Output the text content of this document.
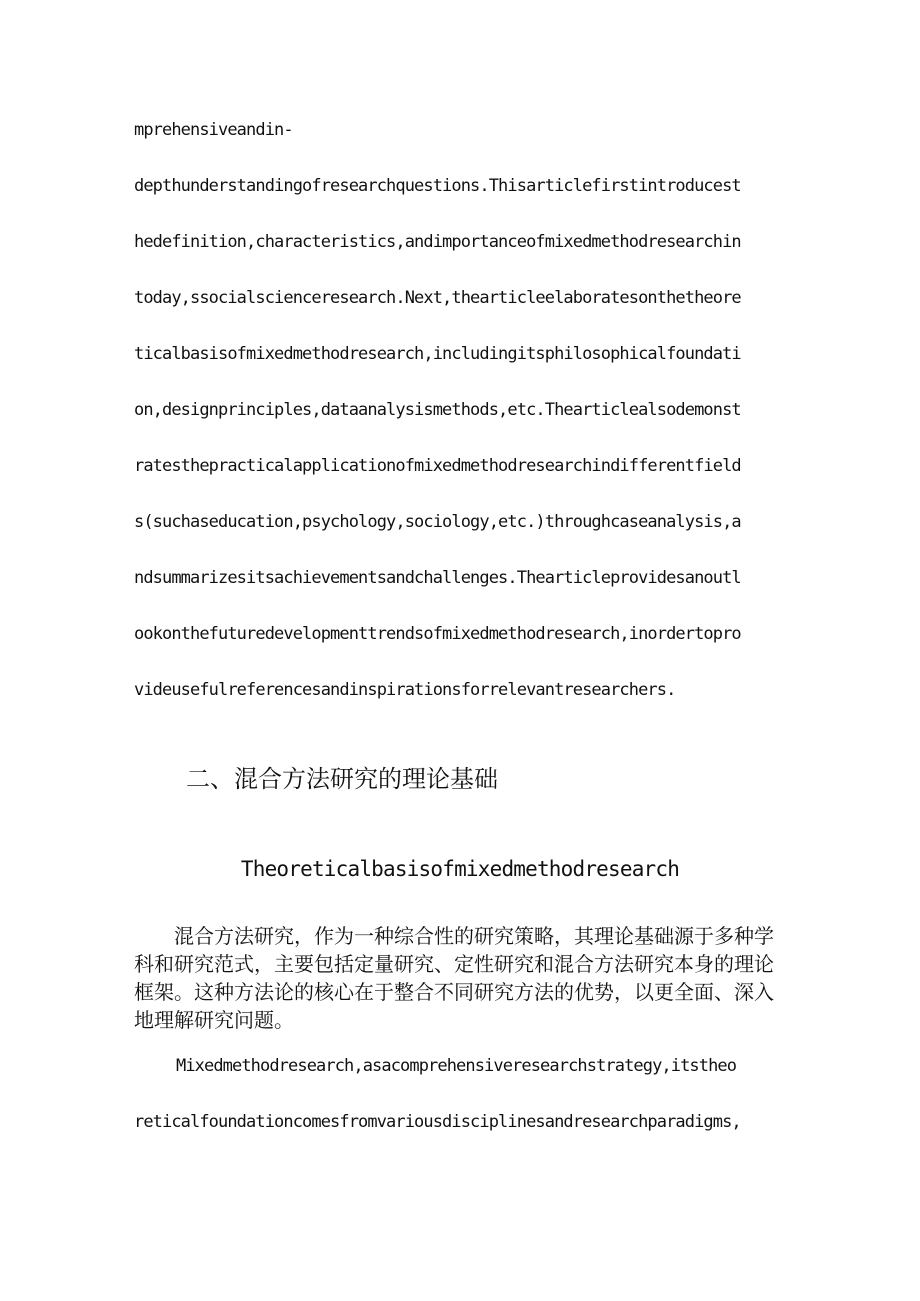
mprehensiveandin-
depthunderstandingofresearchquestions.Thisarticlefirstintroducest
hedefinition,characteristics,andimportanceofmixedmethodresearchin
today,ssocialscienceresearch.Next,thearticleelaboratesonthetheore
ticalbasisofmixedmethodresearch,includingitsphilosophicalfoundati
on,designprinciples,dataanalysismethods,etc.Thearticlealsodemonst
ratesthepracticalapplicationofmixedmethodresearchindifferentfield
s(suchaseducation,psychology,sociology,etc.)throughcaseanalysis,a
ndsummarizesitsachievementsandchallenges.Thearticleprovidesanoutl
ookonthefuturedevelopmenttrendsofmixedmethodresearch,inordertopro
videusefulreferencesandinspirationsforrelevantresearchers.
二、混合方法研究的理论基础
Theoreticalbasisofmixedmethodresearch
混合方法研究，作为一种综合性的研究策略，其理论基础源于多种学科和研究范式，主要包括定量研究、定性研究和混合方法研究本身的理论框架。这种方法论的核心在于整合不同研究方法的优势，以更全面、深入地理解研究问题。
Mixedmethodresearch,asacomprehensiveresearchstrategy,itstheo
reticalfoundationcomesfromvariousdisciplinesandresearchparadigms,
